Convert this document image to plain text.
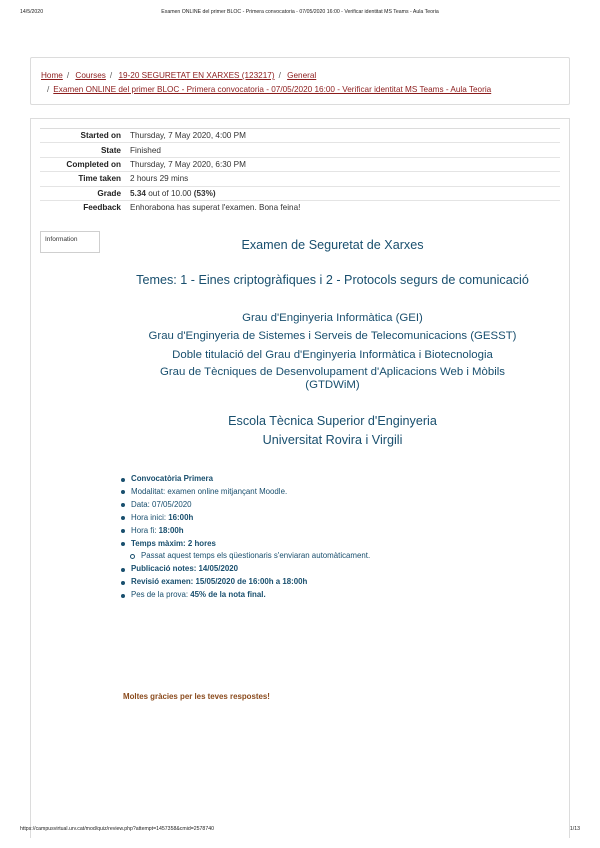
14/5/2020	Examen ONLINE del primer BLOC - Primera convocatoria - 07/05/2020 16:00 - Verificar identitat MS Teams - Aula Teoria
Home / Courses / 19-20 SEGURETAT EN XARXES (123217) / General
/ Examen ONLINE del primer BLOC - Primera convocatoria - 07/05/2020 16:00 - Verificar identitat MS Teams - Aula Teoria
Started on	Thursday, 7 May 2020, 4:00 PM
State	Finished
Completed on	Thursday, 7 May 2020, 6:30 PM
Time taken	2 hours 29 mins
Grade	5.34 out of 10.00 (53%)
Feedback	Enhorabona has superat l'examen. Bona feina!
Information	Examen de Seguretat de Xarxes
Temes: 1 - Eines criptogràfiques i 2 - Protocols segurs de comunicació
Grau d'Enginyeria Informàtica (GEI)
Grau d'Enginyeria de Sistemes i Serveis de Telecomunicacions (GESST)
Doble titulació del Grau d'Enginyeria Informàtica i Biotecnologia
Grau de Tècniques de Desenvolupament d'Aplicacions Web i Mòbils (GTDWiM)
Escola Tècnica Superior d'Enginyeria
Universitat Rovira i Virgili
Convocatòria Primera
Modalitat: examen online mitjançant Moodle.
Data: 07/05/2020
Hora inici: 16:00h
Hora fi: 18:00h
Temps màxim: 2 hores
Passat aquest temps els qüestionaris s'enviaran automàticament.
Publicació notes: 14/05/2020
Revisió examen: 15/05/2020 de 16:00h a 18:00h
Pes de la prova: 45% de la nota final.
Moltes gràcies per les teves respostes!
https://campusvirtual.urv.cat/mod/quiz/review.php?attempt=1457358&cmid=2578740	1/13
